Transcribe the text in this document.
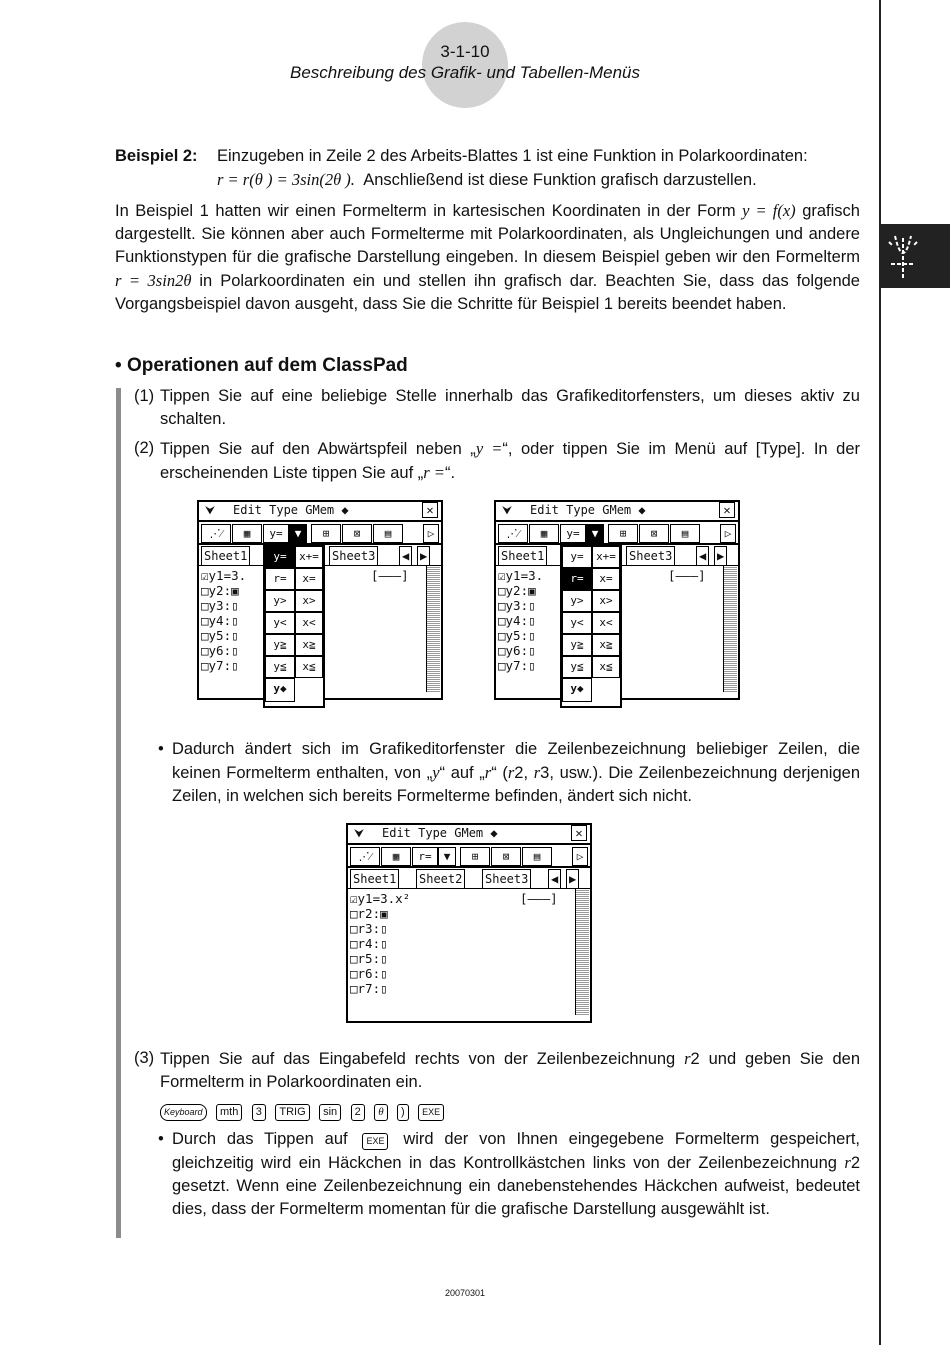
3-1-10
Beschreibung des Grafik- und Tabellen-Menüs
Beispiel 2:	Einzugeben in Zeile 2 des Arbeits-Blattes 1 ist eine Funktion in Polarkoordinaten:
r = r(θ ) = 3sin(2θ ). Anschließend ist diese Funktion grafisch darzustellen.
In Beispiel 1 hatten wir einen Formelterm in kartesischen Koordinaten in der Form y = f(x) grafisch dargestellt. Sie können aber auch Formelterme mit Polarkoordinaten, als Ungleichungen und andere Funktionstypen für die grafische Darstellung eingeben. In diesem Beispiel geben wir den Formelterm r = 3sin2θ in Polarkoordinaten ein und stellen ihn grafisch dar. Beachten Sie, dass das folgende Vorgangsbeispiel davon ausgeht, dass Sie die Schritte für Beispiel 1 bereits beendet haben.
• Operationen auf dem ClassPad
(1) Tippen Sie auf eine beliebige Stelle innerhalb das Grafikeditorfensters, um dieses aktiv zu schalten.
(2) Tippen Sie auf den Abwärtspfeil neben „y =“, oder tippen Sie im Menü auf [Type]. In der erscheinenden Liste tippen Sie auf „r =“.

⮟

Edit Type GMem ◆

	✕

⋰⁄	▦	y=	▼	⊞	⊠	▤	▷
Sheet1	Sheet3 ◀ ▶
☑y1=3.
□y2:▣
□y3:▯
□y4:▯
□y5:▯
□y6:▯
□y7:▯
[———]
y=
r=
y>
y<
y≧
y≦
y◆
x+=
x=
x>
x<
x≧
x≦

⮟

Edit Type GMem ◆

	✕

⋰⁄	▦	y=	▼	⊞	⊠	▤	▷
Sheet1	Sheet3 ◀ ▶
☑y1=3.
□y2:▣
□y3:▯
□y4:▯
□y5:▯
□y6:▯
□y7:▯
[———]
y=
r=
y>
y<
y≧
y≦
y◆
x+=
x=
x>
x<
x≧
x≦
• Dadurch ändert sich im Grafikeditorfenster die Zeilenbezeichnung beliebiger Zeilen, die keinen Formelterm enthalten, von „y“ auf „r“ (r2, r3, usw.). Die Zeilenbezeichnung derjenigen Zeilen, in welchen sich bereits Formelterme befinden, ändert sich nicht.

⮟

Edit Type GMem ◆

	✕

⋰⁄	▦	r=	▼	⊞	⊠	▤	▷
Sheet1 Sheet2 Sheet3 ◀ ▶
☑y1=3.x²
□r2:▣
□r3:▯
□r4:▯
□r5:▯
□r6:▯
□r7:▯
[———]
(3) Tippen Sie auf das Eingabefeld rechts von der Zeilenbezeichnung r2 und geben Sie den Formelterm in Polarkoordinaten ein.
Keyboard mth 3 TRIG sin 2 θ ) EXE
• Durch das Tippen auf EXE wird der von Ihnen eingegebene Formelterm gespeichert, gleichzeitig wird ein Häckchen in das Kontrollkästchen links von der Zeilenbezeichnung r2 gesetzt. Wenn eine Zeilenbezeichnung ein danebenstehendes Häckchen aufweist, bedeutet dies, dass der Formelterm momentan für die grafische Darstellung ausgewählt ist.
20070301
